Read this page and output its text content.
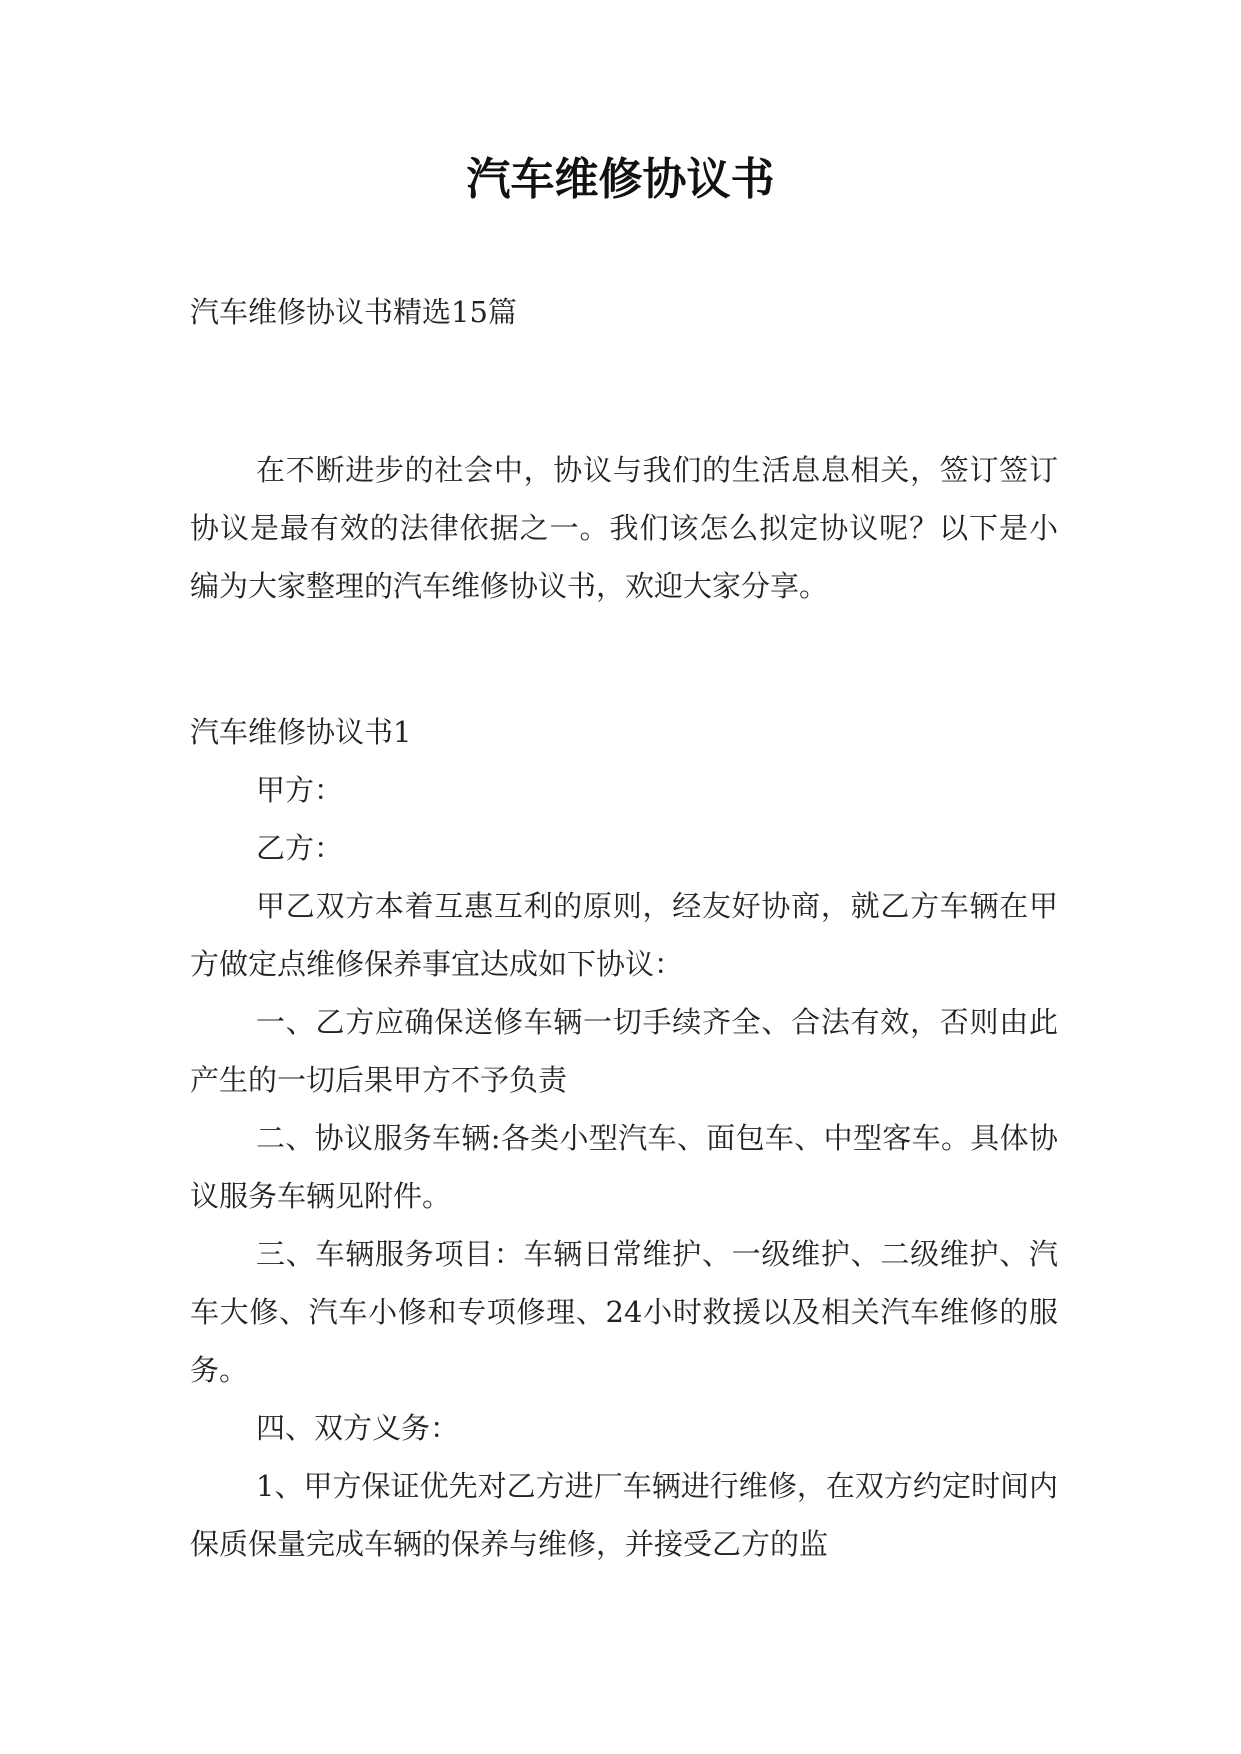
汽车维修协议书
汽车维修协议书精选15篇

在不断进步的社会中，协议与我们的生活息息相关，签订签订协议是最有效的法律依据之一。我们该怎么拟定协议呢？以下是小编为大家整理的汽车维修协议书，欢迎大家分享。

汽车维修协议书1

甲方：

乙方：

甲乙双方本着互惠互利的原则，经友好协商，就乙方车辆在甲方做定点维修保养事宜达成如下协议：

一、乙方应确保送修车辆一切手续齐全、合法有效，否则由此产生的一切后果甲方不予负责

二、协议服务车辆:各类小型汽车、面包车、中型客车。具体协议服务车辆见附件。

三、车辆服务项目：车辆日常维护、一级维护、二级维护、汽车大修、汽车小修和专项修理、24小时救援以及相关汽车维修的服务。

四、双方义务：

1、甲方保证优先对乙方进厂车辆进行维修，在双方约定时间内保质保量完成车辆的保养与维修，并接受乙方的监
